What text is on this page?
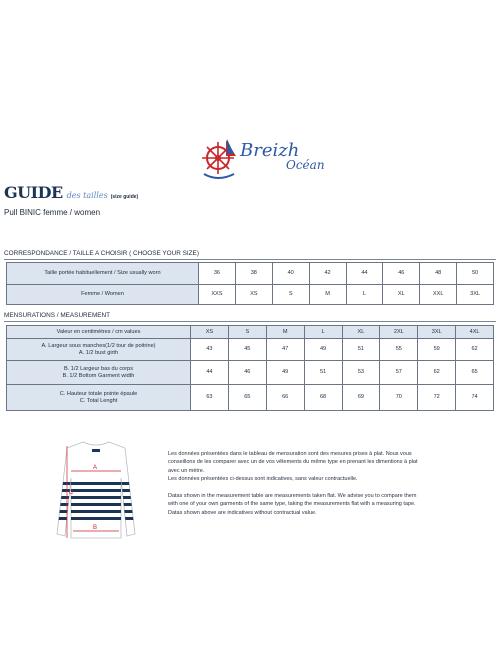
Breizh
Océan
GUIDE des tailles (size guide)
Pull BINIC femme / women
CORRESPONDANCE / TAILLE A CHOISIR ( CHOOSE YOUR SIZE)
Taille portée habituellement / Size usually worn	36	38	40	42	44	46	48	50
Femme / Women	XXS	XS	S	M	L	XL	XXL	3XL
MENSURATIONS / MEASUREMENT
Valeur en centimètres / cm values	XS	S	M	L	XL	2XL	3XL	4XL

A. Largeur sous manches(1/2 tour de poitrine)
A. 1/2 bust girth	43	45	47	49	51	55	59	62

B. 1/2 Largeur bas du corps
B. 1/2 Bottom Garment width	44	46	49	51	53	57	62	65

C. Hauteur totale pointe épaule
C. Total Lenght	63	65	66	68	69	70	72	74
A
B
C
Les données présentées dans le tableau de mensuration sont des mesures prises à plat. Nous vous
conseillons de les comparer avec un de vos vêtements du même type en prenant les dimentions à plat
avec un mètre.
Les données présentées ci-dessus sont indicatives, sans valeur contractuelle.
Datas shown in the measurement table are measurements taken flat. We advise you to compare them
with one of your own garments of the same type, taking the measurements flat with a measuring tape.
Datas shown above are indicatives without contractual value.
